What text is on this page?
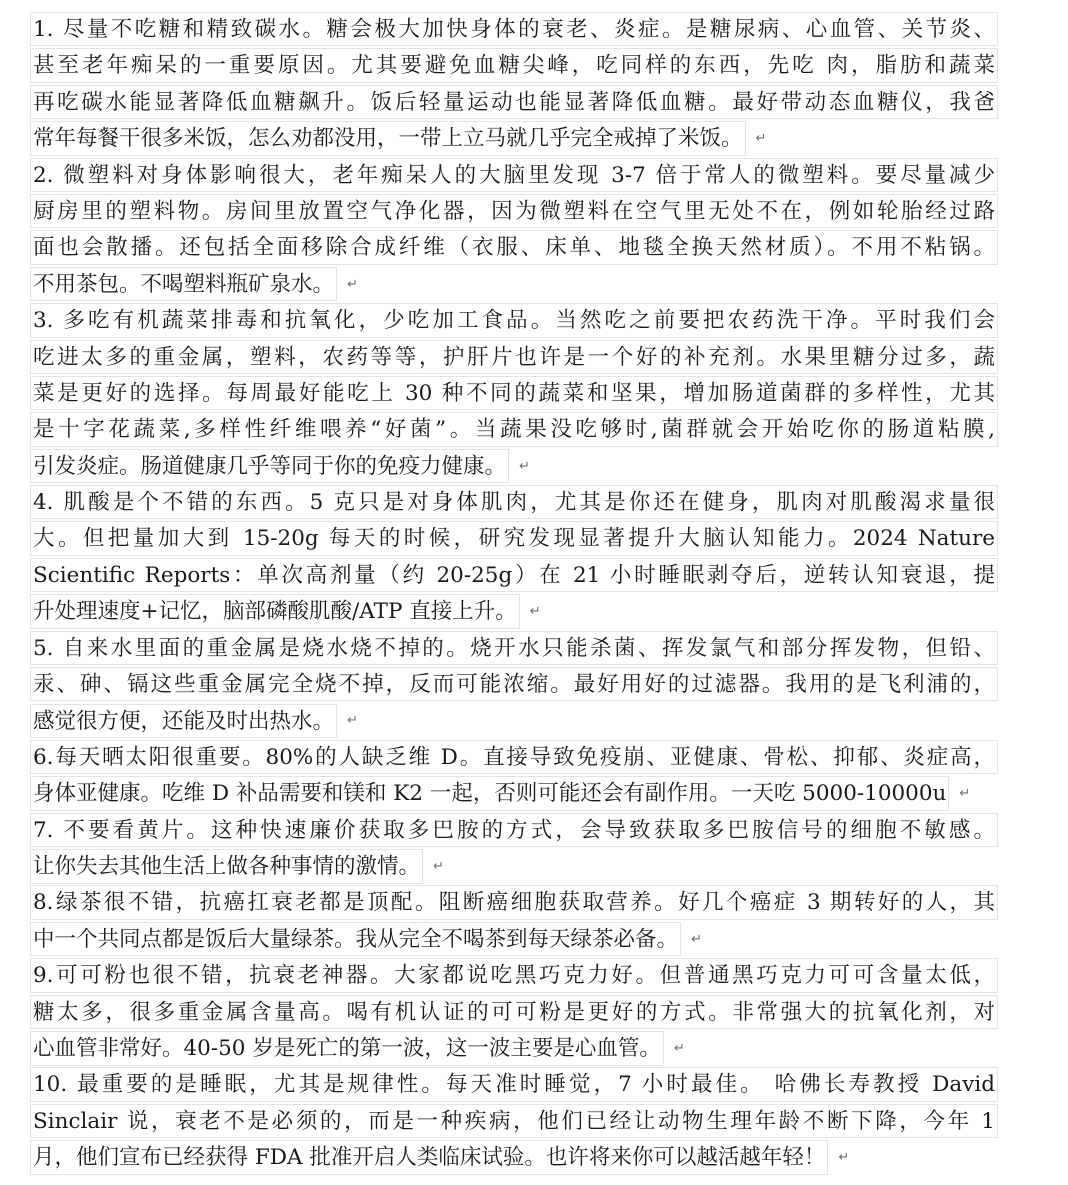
1. 尽量不吃糖和精致碳水。糖会极大加快身体的衰老、炎症。是糖尿病、心血管、关节炎、
甚至老年痴呆的一重要原因。尤其要避免血糖尖峰，吃同样的东西，先吃 肉，脂肪和蔬菜
再吃碳水能显著降低血糖飙升。饭后轻量运动也能显著降低血糖。最好带动态血糖仪，我爸
常年每餐干很多米饭，怎么劝都没用，一带上立马就几乎完全戒掉了米饭。 ↵
2. 微塑料对身体影响很大，老年痴呆人的大脑里发现 3-7 倍于常人的微塑料。要尽量减少
厨房里的塑料物。房间里放置空气净化器，因为微塑料在空气里无处不在，例如轮胎经过路
面也会散播。还包括全面移除合成纤维（衣服、床单、地毯全换天然材质）。不用不粘锅。
不用茶包。不喝塑料瓶矿泉水。 ↵
3. 多吃有机蔬菜排毒和抗氧化，少吃加工食品。当然吃之前要把农药洗干净。平时我们会
吃进太多的重金属，塑料，农药等等，护肝片也许是一个好的补充剂。水果里糖分过多，蔬
菜是更好的选择。每周最好能吃上 30 种不同的蔬菜和坚果，增加肠道菌群的多样性，尤其
是十字花蔬菜,多样性纤维喂养“好菌”。当蔬果没吃够时,菌群就会开始吃你的肠道粘膜,
引发炎症。肠道健康几乎等同于你的免疫力健康。 ↵
4. 肌酸是个不错的东西。5 克只是对身体肌肉，尤其是你还在健身，肌肉对肌酸渴求量很
大。但把量加大到 15-20g 每天的时候，研究发现显著提升大脑认知能力。2024 Nature
Scientific Reports：单次高剂量（约 20-25g）在 21 小时睡眠剥夺后，逆转认知衰退，提
升处理速度+记忆，脑部磷酸肌酸/ATP 直接上升。 ↵
5. 自来水里面的重金属是烧水烧不掉的。烧开水只能杀菌、挥发氯气和部分挥发物，但铅、
汞、砷、镉这些重金属完全烧不掉，反而可能浓缩。最好用好的过滤器。我用的是飞利浦的，
感觉很方便，还能及时出热水。 ↵
6.每天晒太阳很重要。80%的人缺乏维 D。直接导致免疫崩、亚健康、骨松、抑郁、炎症高，
身体亚健康。吃维 D 补品需要和镁和 K2 一起，否则可能还会有副作用。一天吃 5000-10000u ↵
7. 不要看黄片。这种快速廉价获取多巴胺的方式，会导致获取多巴胺信号的细胞不敏感。
让你失去其他生活上做各种事情的激情。 ↵
8.绿茶很不错，抗癌扛衰老都是顶配。阻断癌细胞获取营养。好几个癌症 3 期转好的人，其
中一个共同点都是饭后大量绿茶。我从完全不喝茶到每天绿茶必备。 ↵
9.可可粉也很不错，抗衰老神器。大家都说吃黑巧克力好。但普通黑巧克力可可含量太低，
糖太多，很多重金属含量高。喝有机认证的可可粉是更好的方式。非常强大的抗氧化剂，对
心血管非常好。40-50 岁是死亡的第一波，这一波主要是心血管。 ↵
10. 最重要的是睡眠，尤其是规律性。每天准时睡觉，7 小时最佳。 哈佛长寿教授 David
Sinclair 说，衰老不是必须的，而是一种疾病，他们已经让动物生理年龄不断下降，今年 1
月，他们宣布已经获得 FDA 批准开启人类临床试验。也许将来你可以越活越年轻！ ↵
